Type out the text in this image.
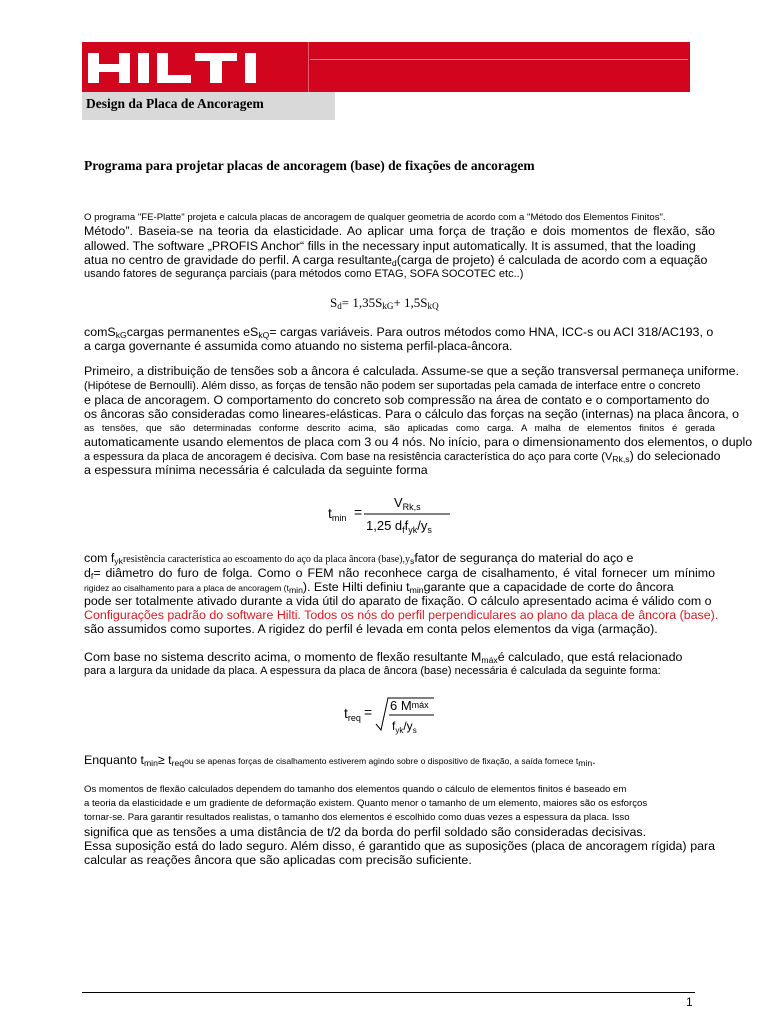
Design da Placa de Ancoragem
Programa para projetar placas de ancoragem (base) de fixações de ancoragem
O programa "FE-Platte" projeta e calcula placas de ancoragem de qualquer geometria de acordo com a "Método dos Elementos Finitos".
Método”. Baseia-se na teoria da elasticidade. Ao aplicar uma força de tração e dois momentos de flexão, são
allowed. The software „PROFIS Anchor“ fills in the necessary input automatically. It is assumed, that the loading
atua no centro de gravidade do perfil. A carga resultante$_d$(carga de projeto) é calculada de acordo com a equação
usando fatores de segurança parciais (para métodos como ETAG, SOFA SOCOTEC etc..)
$S_d= 1,35S_{kG}+ 1,5S_{kQ}$
comS$_{kG}$cargas permanentes $eS_{kQ}=$ cargas variáveis. Para outros métodos como HNA, ICC-s ou ACI 318/AC193, o
a carga governante é assumida como atuando no sistema perfil-placa-âncora.
Primeiro, a distribuição de tensões sob a âncora é calculada. Assume-se que a seção transversal permaneça uniforme.
(Hipótese de Bernoulli). Além disso, as forças de tensão não podem ser suportadas pela camada de interface entre o concreto
e placa de ancoragem. O comportamento do concreto sob compressão na área de contato e o comportamento do
os âncoras são consideradas como lineares-elásticas. Para o cálculo das forças na seção (internas) na placa âncora, o
as tensões, que são determinadas conforme descrito acima, são aplicadas como carga. A malha de elementos finitos é gerada
automaticamente usando elementos de placa com 3 ou 4 nós. No início, para o dimensionamento dos elementos, o duplo
a espessura da placa de ancoragem é decisiva. Com base na resistência característica do aço para corte $(V_{Rk,s})$ do selecionado
a espessura mínima necessária é calculada da seguinte forma
$t_{min}$ =
$V_{Rk,s}$
1,25 $d_ff_{yk}/y_s$
com $f_{yk}resistência$ característica ao escoamento do aço da placa âncora $(base),y_sfator$ de segurança do material do aço e
$d_f=$ diâmetro do furo de folga. Como o FEM não reconhece carga de cisalhamento, é vital fornecer um mínimo
rigidez ao cisalhamento para a placa de ancoragem $(t_{min})$. Este Hilti definiu $t_{min}garante$ que a capacidade de corte do âncora
pode ser totalmente ativado durante a vida útil do aparato de fixação. O cálculo apresentado acima é válido com o
Configurações padrão do software Hilti. Todos os nós do perfil perpendiculares ao plano da placa de âncora (base).
são assumidos como suportes. A rigidez do perfil é levada em conta pelos elementos da viga (armação).
Com base no sistema descrito acima, o momento de flexão resultante $M_{máx}é$ calculado, que está relacionado
para a largura da unidade da placa. A espessura da placa de âncora (base) necessária é calculada da seguinte forma:
$t_{req} = 6$ Mmáx
$f_{yk}/y_s$
Enquanto $t_{min}\ge t_{req}ou$ se apenas forças de cisalhamento estiverem agindo sobre o dispositivo de fixação, a saída fornece $t_{min}$.
Os momentos de flexão calculados dependem do tamanho dos elementos quando o cálculo de elementos finitos é baseado em
a teoria da elasticidade e um gradiente de deformação existem. Quanto menor o tamanho de um elemento, maiores são os esforços
tornar-se. Para garantir resultados realistas, o tamanho dos elementos é escolhido como duas vezes a espessura da placa. Isso
significa que as tensões a uma distância de t/2 da borda do perfil soldado são consideradas decisivas.
Essa suposição está do lado seguro. Além disso, é garantido que as suposições (placa de ancoragem rígida) para
calcular as reações âncora que são aplicadas com precisão suficiente.
1
